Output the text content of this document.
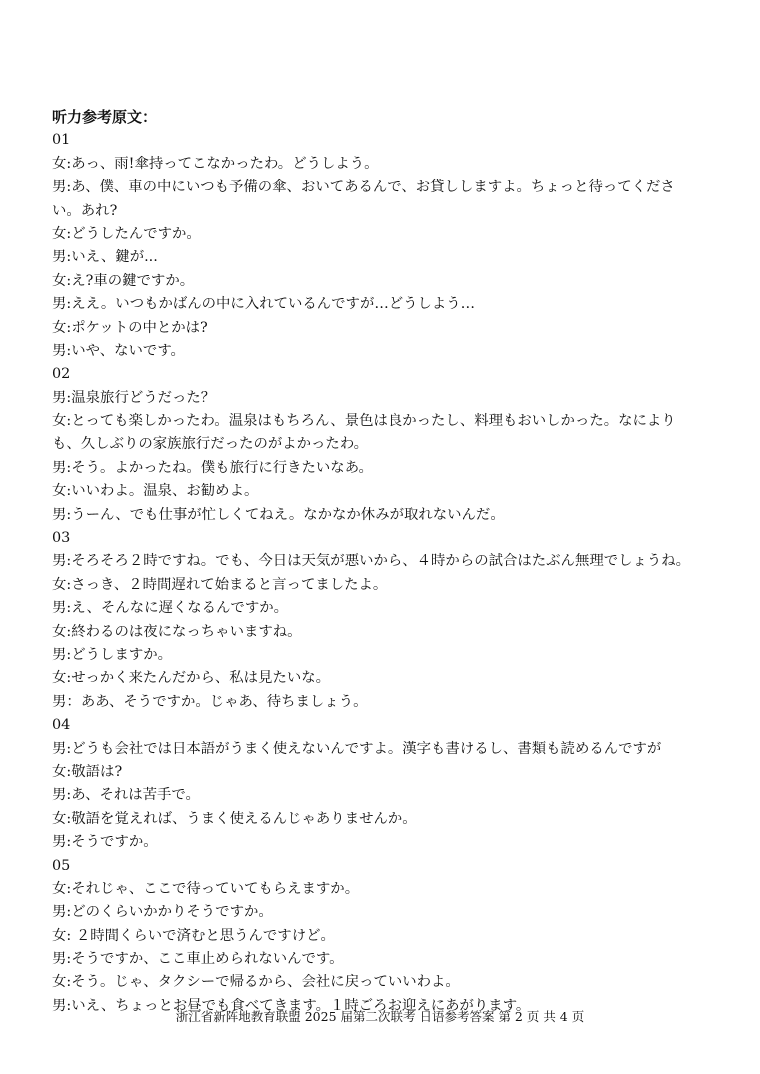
听力参考原文：
01
女:あっ、雨!傘持ってこなかったわ。どうしよう。
男:あ、僕、車の中にいつも予備の傘、おいてあるんで、お貸ししますよ。ちょっと待ってくださ
い。あれ?
女:どうしたんですか。
男:いえ、鍵が...
女:え?車の鍵ですか。
男:ええ。いつもかばんの中に入れているんですが…どうしよう…
女:ポケットの中とかは?
男:いや、ないです。
02
男:温泉旅行どうだった？
女:とっても楽しかったわ。温泉はもちろん、景色は良かったし、料理もおいしかった。なにより
も、久しぶりの家族旅行だったのがよかったわ。
男:そう。よかったね。僕も旅行に行きたいなあ。
女:いいわよ。温泉、お勧めよ。
男:うーん、でも仕事が忙しくてねえ。なかなか休みが取れないんだ。
03
男:そろそろ２時ですね。でも、今日は天気が悪いから、４時からの試合はたぶん無理でしょうね。
女:さっき、２時間遅れて始まると言ってましたよ。
男:え、そんなに遅くなるんですか。
女:終わるのは夜になっちゃいますね。
男:どうしますか。
女:せっかく来たんだから、私は見たいな。
男：ああ、そうですか。じゃあ、待ちましょう。
04
男:どうも会社では日本語がうまく使えないんですよ。漢字も書けるし、書類も読めるんですが
女:敬語は?
男:あ、それは苦手で。
女:敬語を覚えれば、うまく使えるんじゃありませんか。
男:そうですか。
05
女:それじゃ、ここで待っていてもらえますか。
男:どのくらいかかりそうですか。
女: ２時間くらいで済むと思うんですけど。
男:そうですか、ここ車止められないんです。
女:そう。じゃ、タクシーで帰るから、会社に戻っていいわよ。
男:いえ、ちょっとお昼でも食べてきます。１時ごろお迎えにあがります。
浙江省新阵地教育联盟 2025 届第二次联考 日语参考答案 第 2 页 共 4 页
